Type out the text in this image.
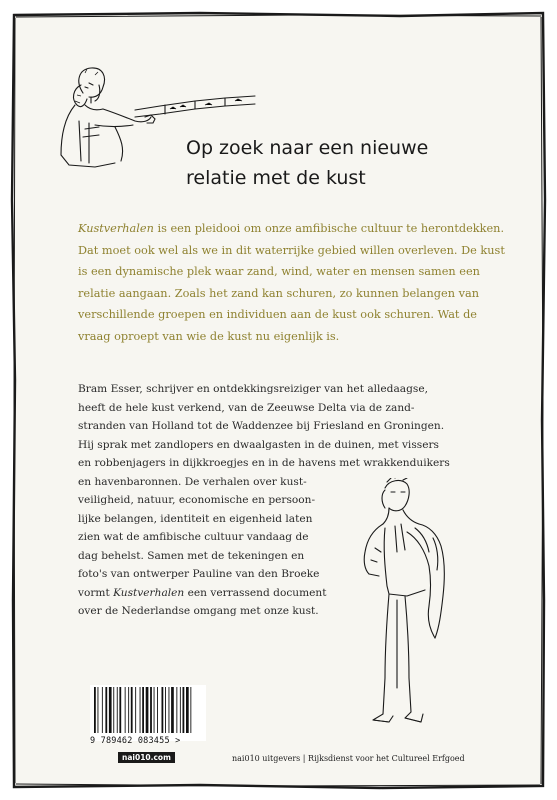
Op zoek naar een nieuwe
relatie met de kust
Kustverhalen is een pleidooi om onze amfibische cultuur te herontdekken. Dat moet ook wel als we in dit waterrijke gebied willen overleven. De kust is een dynamische plek waar zand, wind, water en mensen samen een relatie aangaan. Zoals het zand kan schuren, zo kunnen belangen van verschillende groepen en individuen aan de kust ook schuren. Wat de vraag oproept van wie de kust nu eigenlijk is.
Bram Esser, schrijver en ontdekkingsreiziger van het alledaagse,
heeft de hele kust verkend, van de Zeeuwse Delta via de zand-
stranden van Holland tot de Waddenzee bij Friesland en Groningen.
Hij sprak met zandlopers en dwaalgasten in de duinen, met vissers
en robbenjagers in dijkkroegjes en in de havens met wrakkenduikers
en havenbaronnen. De verhalen over kust-
veiligheid, natuur, economische en persoon-
lijke belangen, identiteit en eigenheid laten
zien wat de amfibische cultuur vandaag de
dag behelst. Samen met de tekeningen en
foto's van ontwerper Pauline van den Broeke
vormt Kustverhalen een verrassend document
over de Nederlandse omgang met onze kust.
9 789462 083455 >
nai010.com	nai010 uitgevers | Rijksdienst voor het Cultureel Erfgoed
